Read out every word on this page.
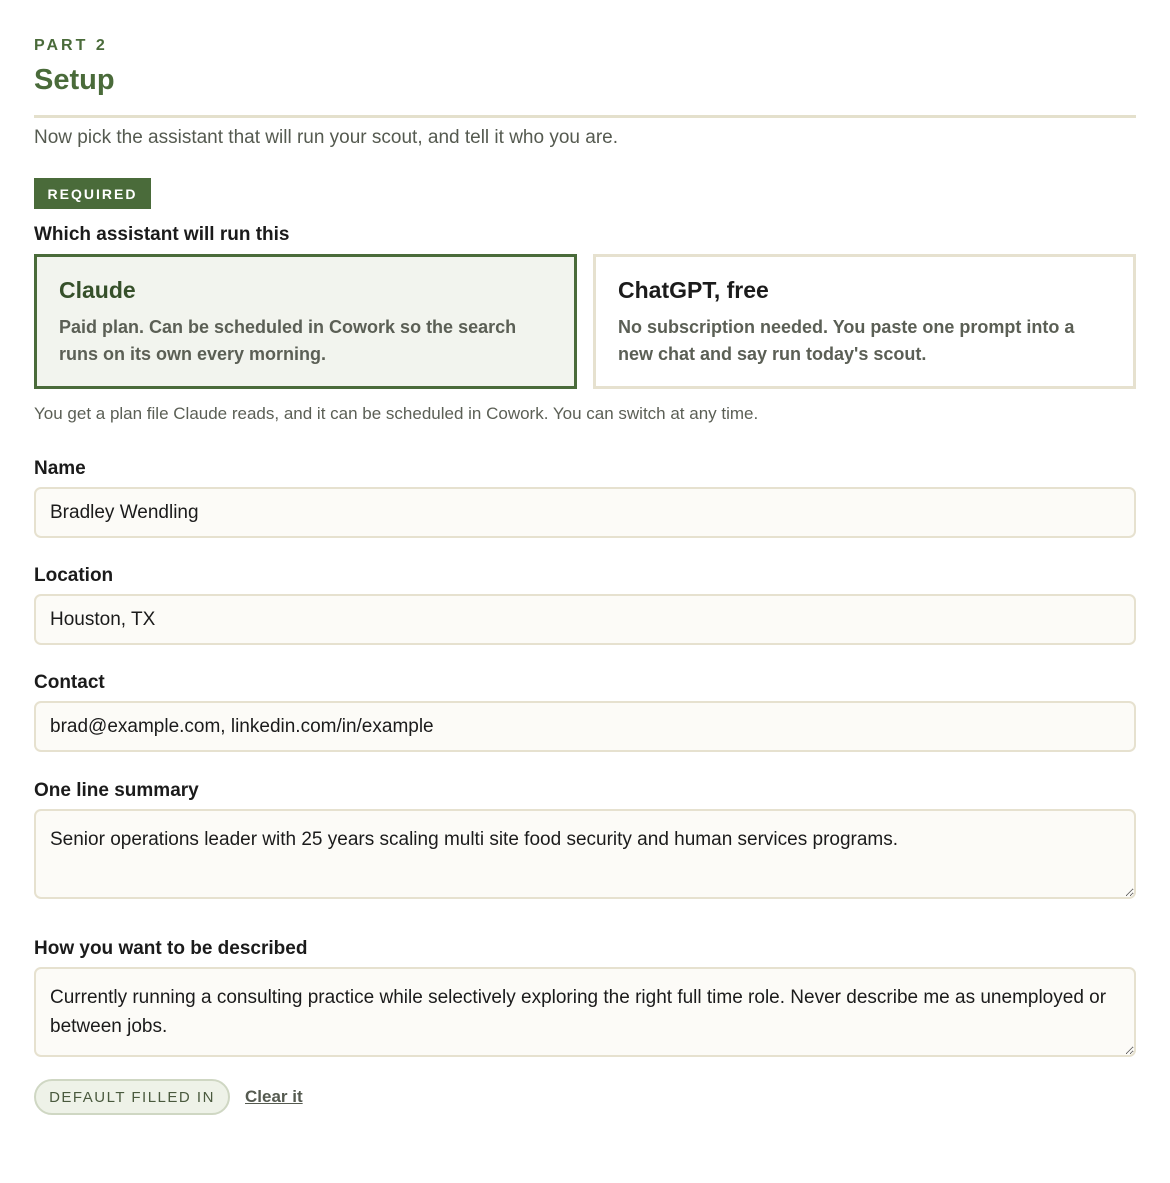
PART 2
Setup
Now pick the assistant that will run your scout, and tell it who you are.
REQUIRED
Which assistant will run this
Claude
Paid plan. Can be scheduled in Cowork so the search runs on its own every morning.
ChatGPT, free
No subscription needed. You paste one prompt into a new chat and say run today's scout.
You get a plan file Claude reads, and it can be scheduled in Cowork. You can switch at any time.
Name
Bradley Wendling
Location
Houston, TX
Contact
brad@example.com, linkedin.com/in/example
One line summary
Senior operations leader with 25 years scaling multi site food security and human services programs.
How you want to be described
Currently running a consulting practice while selectively exploring the right full time role. Never describe me as unemployed or between jobs.
DEFAULT FILLED IN	Clear it
